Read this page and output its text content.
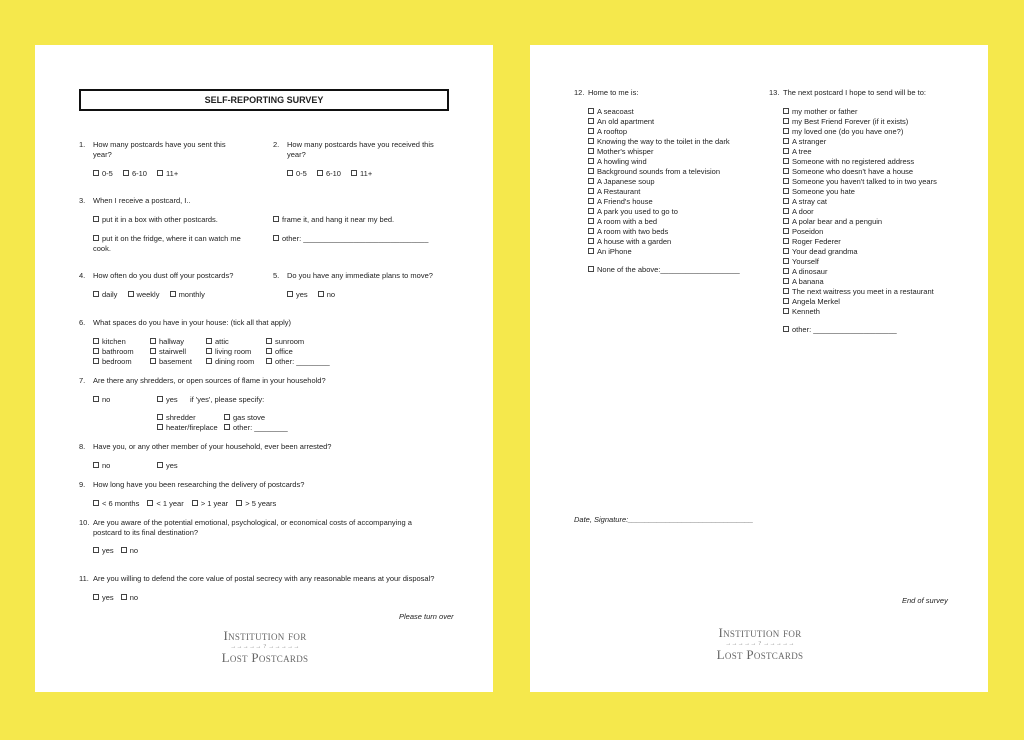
SELF-REPORTING SURVEY
1. How many postcards have you sent this year?
0-5	6-10	11+
2. How many postcards have you received this year?
0-5	6-10	11+
3. When I receive a postcard, I..
put it in a box with other postcards.	frame it, and hang it near my bed.
put it on the fridge, where it can watch me cook.
other: ______________________________
4. How often do you dust off your postcards?
daily	weekly	monthly
5. Do you have any immediate plans to move?
yes	no
6. What spaces do you have in your house: (tick all that apply)
kitchen	hallway	attic	sunroom
bathroom	stairwell	living room	office
bedroom	basement	dining room	other: ________
7. Are there any shredders, or open sources of flame in your household?
no	yes if 'yes', please specify:
shredder	gas stove
heater/fireplace	other: ________
8. Have you, or any other member of your household, ever been arrested?
no	yes
9. How long have you been researching the delivery of postcards?
< 6 months < 1 year > 1 year > 5 years
10. Are you aware of the potential emotional, psychological, or economical costs of accompanying a postcard to its final destination?
yes no
11. Are you willing to defend the core value of postal secrecy with any reasonable means at your disposal?
yes no
Please turn over
Institution for
→→→→→ ? →→→→→
Lost Postcards
12. Home to me is:
A seacoast
An old apartment
A rooftop
Knowing the way to the toilet in the dark
Mother's whisper
A howling wind
Background sounds from a television
A Japanese soup
A Restaurant
A Friend's house
A park you used to go to
A room with a bed
A room with two beds
A house with a garden
An iPhone
None of the above:___________________
13. The next postcard I hope to send will be to:
my mother or father
my Best Friend Forever (if it exists)
my loved one (do you have one?)
A stranger
A tree
Someone with no registered address
Someone who doesn't have a house
Someone you haven't talked to in two years
Someone you hate
A stray cat
A door
A polar bear and a penguin
Poseidon
Roger Federer
Your dead grandma
Yourself
A dinosaur
A banana
The next waitress you meet in a restaurant
Angela Merkel
Kenneth
other: ____________________
Date, Signature:______________________________
End of survey
Institution for
→→→→→ ? →→→→→
Lost Postcards
